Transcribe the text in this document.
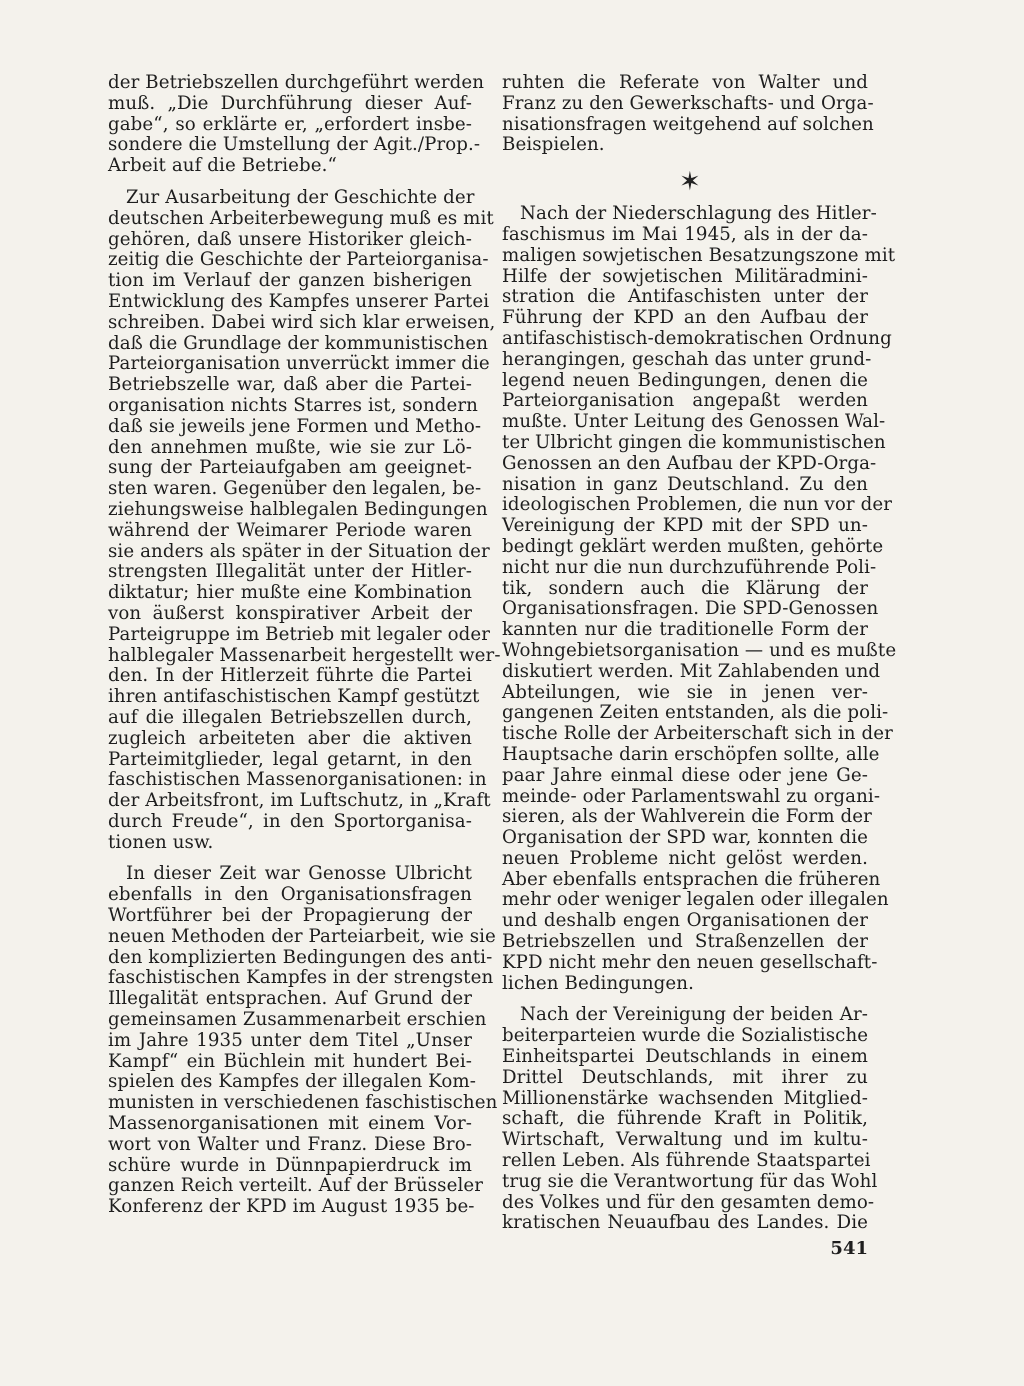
der Betriebszellen durchgeführt werden
muß. „Die Durchführung dieser Auf-
gabe“, so erklärte er, „erfordert insbe-
sondere die Umstellung der Agit./Prop.-
Arbeit auf die Betriebe.“
Zur Ausarbeitung der Geschichte der
deutschen Arbeiterbewegung muß es mit
gehören, daß unsere Historiker gleich-
zeitig die Geschichte der Parteiorganisa-
tion im Verlauf der ganzen bisherigen
Entwicklung des Kampfes unserer Partei
schreiben. Dabei wird sich klar erweisen,
daß die Grundlage der kommunistischen
Parteiorganisation unverrückt immer die
Betriebszelle war, daß aber die Partei-
organisation nichts Starres ist, sondern
daß sie jeweils jene Formen und Metho-
den annehmen mußte, wie sie zur Lö-
sung der Parteiaufgaben am geeignet-
sten waren. Gegenüber den legalen, be-
ziehungsweise halblegalen Bedingungen
während der Weimarer Periode waren
sie anders als später in der Situation der
strengsten Illegalität unter der Hitler-
diktatur; hier mußte eine Kombination
von äußerst konspirativer Arbeit der
Parteigruppe im Betrieb mit legaler oder
halblegaler Massenarbeit hergestellt wer-
den. In der Hitlerzeit führte die Partei
ihren antifaschistischen Kampf gestützt
auf die illegalen Betriebszellen durch,
zugleich arbeiteten aber die aktiven
Parteimitglieder, legal getarnt, in den
faschistischen Massenorganisationen: in
der Arbeitsfront, im Luftschutz, in „Kraft
durch Freude“, in den Sportorganisa-
tionen usw.
In dieser Zeit war Genosse Ulbricht
ebenfalls in den Organisationsfragen
Wortführer bei der Propagierung der
neuen Methoden der Parteiarbeit, wie sie
den komplizierten Bedingungen des anti-
faschistischen Kampfes in der strengsten
Illegalität entsprachen. Auf Grund der
gemeinsamen Zusammenarbeit erschien
im Jahre 1935 unter dem Titel „Unser
Kampf“ ein Büchlein mit hundert Bei-
spielen des Kampfes der illegalen Kom-
munisten in verschiedenen faschistischen
Massenorganisationen mit einem Vor-
wort von Walter und Franz. Diese Bro-
schüre wurde in Dünnpapierdruck im
ganzen Reich verteilt. Auf der Brüsseler
Konferenz der KPD im August 1935 be-
ruhten die Referate von Walter und
Franz zu den Gewerkschafts- und Orga-
nisationsfragen weitgehend auf solchen
Beispielen.
✶
Nach der Niederschlagung des Hitler-
faschismus im Mai 1945, als in der da-
maligen sowjetischen Besatzungszone mit
Hilfe der sowjetischen Militäradmini-
stration die Antifaschisten unter der
Führung der KPD an den Aufbau der
antifaschistisch-demokratischen Ordnung
herangingen, geschah das unter grund-
legend neuen Bedingungen, denen die
Parteiorganisation angepaßt werden
mußte. Unter Leitung des Genossen Wal-
ter Ulbricht gingen die kommunistischen
Genossen an den Aufbau der KPD-Orga-
nisation in ganz Deutschland. Zu den
ideologischen Problemen, die nun vor der
Vereinigung der KPD mit der SPD un-
bedingt geklärt werden mußten, gehörte
nicht nur die nun durchzuführende Poli-
tik, sondern auch die Klärung der
Organisationsfragen. Die SPD-Genossen
kannten nur die traditionelle Form der
Wohngebietsorganisation — und es mußte
diskutiert werden. Mit Zahlabenden und
Abteilungen, wie sie in jenen ver-
gangenen Zeiten entstanden, als die poli-
tische Rolle der Arbeiterschaft sich in der
Hauptsache darin erschöpfen sollte, alle
paar Jahre einmal diese oder jene Ge-
meinde- oder Parlamentswahl zu organi-
sieren, als der Wahlverein die Form der
Organisation der SPD war, konnten die
neuen Probleme nicht gelöst werden.
Aber ebenfalls entsprachen die früheren
mehr oder weniger legalen oder illegalen
und deshalb engen Organisationen der
Betriebszellen und Straßenzellen der
KPD nicht mehr den neuen gesellschaft-
lichen Bedingungen.
Nach der Vereinigung der beiden Ar-
beiterparteien wurde die Sozialistische
Einheitspartei Deutschlands in einem
Drittel Deutschlands, mit ihrer zu
Millionenstärke wachsenden Mitglied-
schaft, die führende Kraft in Politik,
Wirtschaft, Verwaltung und im kultu-
rellen Leben. Als führende Staatspartei
trug sie die Verantwortung für das Wohl
des Volkes und für den gesamten demo-
kratischen Neuaufbau des Landes. Die
541
